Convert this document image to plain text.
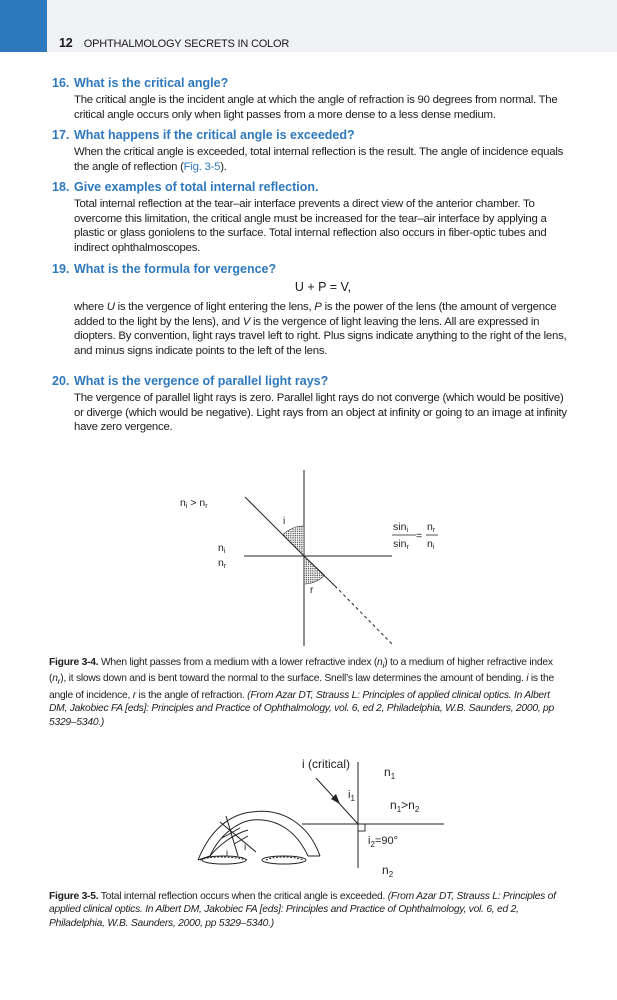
12 OPHTHALMOLOGY SECRETS IN COLOR
16. What is the critical angle?
The critical angle is the incident angle at which the angle of refraction is 90 degrees from normal. The critical angle occurs only when light passes from a more dense to a less dense medium.
17. What happens if the critical angle is exceeded?
When the critical angle is exceeded, total internal reflection is the result. The angle of incidence equals the angle of reflection (Fig. 3-5).
18. Give examples of total internal reflection.
Total internal reflection at the tear–air interface prevents a direct view of the anterior chamber. To overcome this limitation, the critical angle must be increased for the tear–air interface by applying a plastic or glass goniolens to the surface. Total internal reflection also occurs in fiber-optic tubes and indirect ophthalmoscopes.
19. What is the formula for vergence?
U + P = V,
where U is the vergence of light entering the lens, P is the power of the lens (the amount of vergence added to the light by the lens), and V is the vergence of light leaving the lens. All are expressed in diopters. By convention, light rays travel left to right. Plus signs indicate anything to the right of the lens, and minus signs indicate points to the left of the lens.
20. What is the vergence of parallel light rays?
The vergence of parallel light rays is zero. Parallel light rays do not converge (which would be positive) or diverge (which would be negative). Light rays from an object at infinity or going to an image at infinity have zero vergence.
ni > nr
i
r
ni
nr
sini
sinr
=
nr
ni
Figure 3-4. When light passes from a medium with a lower refractive index $(n_i)$ to a medium of higher refractive index $(n_r)$, it slows down and is bent toward the normal to the surface. Snell’s law determines the amount of bending. i is the angle of incidence, r is the angle of refraction. (From Azar DT, Strauss L: Principles of applied clinical optics. In Albert DM, Jakobiec FA [eds]: Principles and Practice of Ophthalmology, vol. 6, ed 2, Philadelphia, W.B. Saunders, 2000, pp 5329–5340.)
i
i
i (critical)
$n_1$
$i_1$	$n_1>n_2$
$i_2=90^\circ$
$n_2$
Figure 3-5. Total internal reflection occurs when the critical angle is exceeded. (From Azar DT, Strauss L: Principles of applied clinical optics. In Albert DM, Jakobiec FA [eds]: Principles and Practice of Ophthalmology, vol. 6, ed 2, Philadelphia, W.B. Saunders, 2000, pp 5329–5340.)
